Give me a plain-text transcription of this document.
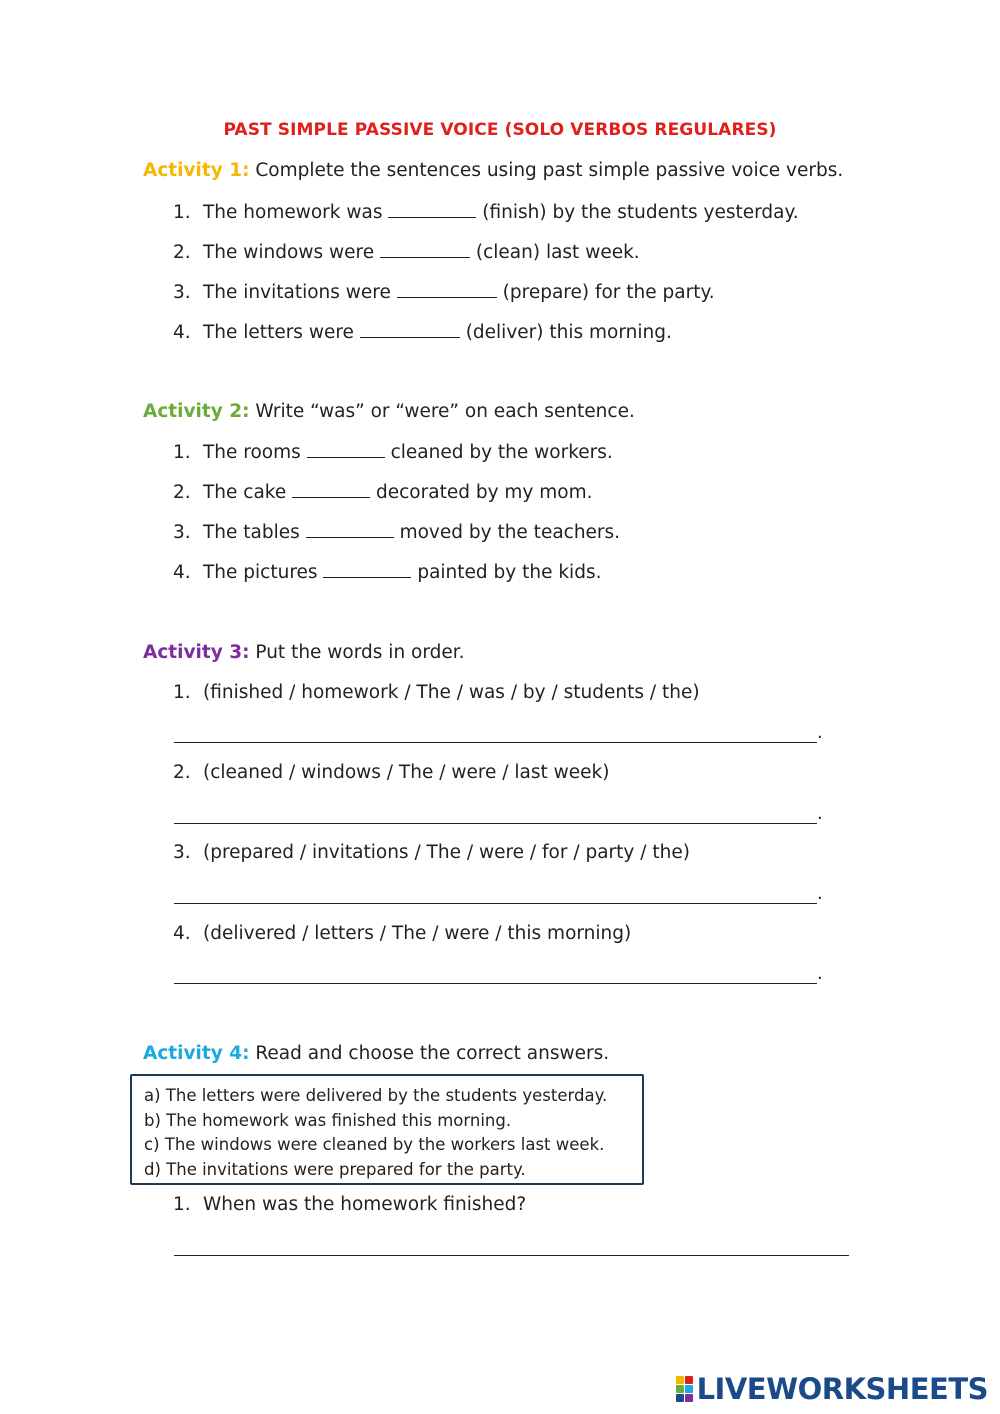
PAST SIMPLE PASSIVE VOICE (SOLO VERBOS REGULARES)
Activity 1: Complete the sentences using past simple passive voice verbs.
1. The homework was	(finish) by the students yesterday.
2. The windows were	(clean) last week.
3. The invitations were	(prepare) for the party.
4. The letters were	(deliver) this morning.
Activity 2: Write “was” or “were” on each sentence.
1. The rooms	cleaned by the workers.
2. The cake	decorated by my mom.
3. The tables	moved by the teachers.
4. The pictures	painted by the kids.
Activity 3: Put the words in order.
1. (finished / homework / The / was / by / students / the)
.
2. (cleaned / windows / The / were / last week)
.
3. (prepared / invitations / The / were / for / party / the)
.
4. (delivered / letters / The / were / this morning)
.
Activity 4: Read and choose the correct answers.
a) The letters were delivered by the students yesterday.
b) The homework was finished this morning.
c) The windows were cleaned by the workers last week.
d) The invitations were prepared for the party.
1. When was the homework finished?
LIVEWORKSHEETS
